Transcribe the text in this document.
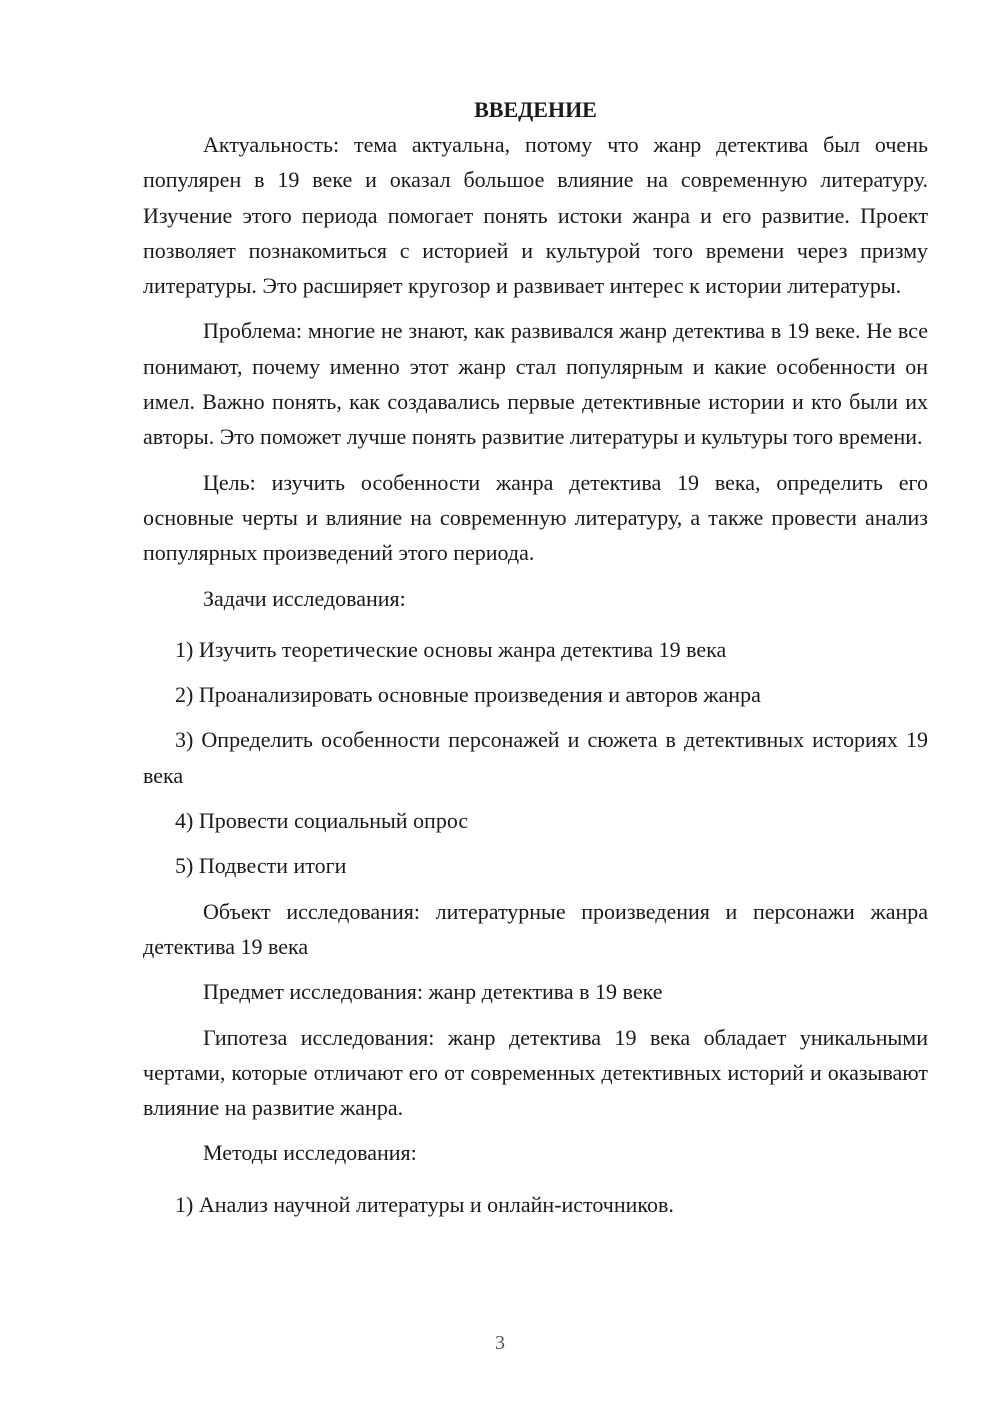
ВВЕДЕНИЕ

Актуальность: тема актуальна, потому что жанр детектива был очень популярен в 19 веке и оказал большое влияние на современную литературу. Изучение этого периода помогает понять истоки жанра и его развитие. Проект позволяет познакомиться с историей и культурой того времени через призму литературы. Это расширяет кругозор и развивает интерес к истории литературы.

Проблема: многие не знают, как развивался жанр детектива в 19 веке. Не все понимают, почему именно этот жанр стал популярным и какие особенности он имел. Важно понять, как создавались первые детективные истории и кто были их авторы. Это поможет лучше понять развитие литературы и культуры того времени.

Цель: изучить особенности жанра детектива 19 века, определить его основные черты и влияние на современную литературу, а также провести анализ популярных произведений этого периода.

Задачи исследования:

1) Изучить теоретические основы жанра детектива 19 века

2) Проанализировать основные произведения и авторов жанра

3) Определить особенности персонажей и сюжета в детективных историях 19 века

4) Провести социальный опрос

5) Подвести итоги

Объект исследования: литературные произведения и персонажи жанра детектива 19 века

Предмет исследования: жанр детектива в 19 веке

Гипотеза исследования: жанр детектива 19 века обладает уникальными чертами, которые отличают его от современных детективных историй и оказывают влияние на развитие жанра.

Методы исследования:

1) Анализ научной литературы и онлайн-источников.

3
